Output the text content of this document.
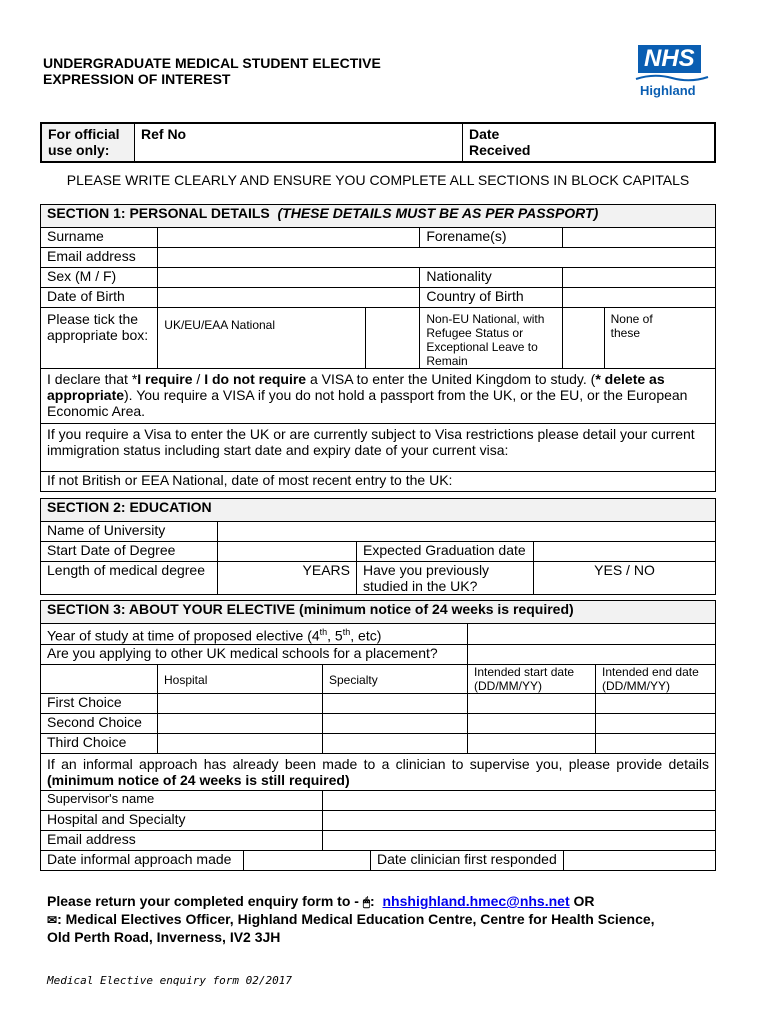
UNDERGRADUATE MEDICAL STUDENT ELECTIVE
EXPRESSION OF INTEREST
NHS
Highland
For official
use only:
	Ref No	Date
Received
PLEASE WRITE CLEARLY AND ENSURE YOU COMPLETE ALL SECTIONS IN BLOCK CAPITALS
SECTION 1: PERSONAL DETAILS (THESE DETAILS MUST BE AS PER PASSPORT)					
Surname			Forename(s)		
Email address					
Sex (M / F)			Nationality		
Date of Birth			Country of Birth		
Please tick the appropriate box:	UK/EU/EAA National		Non-EU National, with Refugee Status or Exceptional Leave to Remain		None of these
I declare that *I require / I do not require a VISA to enter the United Kingdom to study. (* delete as appropriate). You require a VISA if you do not hold a passport from the UK, or the EU, or the European Economic Area.					
If you require a Visa to enter the UK or are currently subject to Visa restrictions please detail your current immigration status including start date and expiry date of your current visa:					
If not British or EEA National, date of most recent entry to the UK:					
SECTION 2: EDUCATION			
Name of University			
Start Date of Degree		Expected Graduation date	
Length of medical degree	YEARS	Have you previously studied in the UK?	YES / NO
SECTION 3: ABOUT YOUR ELECTIVE (minimum notice of 24 weeks is required)
Year of study at time of proposed elective (4th, 5th, etc)	
Are you applying to other UK medical schools for a placement?	
	Hospital	Specialty	Intended start date (DD/MM/YY)	Intended end date (DD/MM/YY)
First Choice				
Second Choice				
Third Choice				
If an informal approach has already been made to a clinician to supervise you, please provide details (minimum notice of 24 weeks is still required)
Supervisor's name	
Hospital and Specialty	
Email address	

Date informal approach made		Date clinician first responded	
Please return your completed enquiry form to - 🖱:  nhshighland.hmec@nhs.net OR
✉: Medical Electives Officer, Highland Medical Education Centre, Centre for Health Science,
Old Perth Road, Inverness, IV2 3JH
Medical Elective enquiry form 02/2017
